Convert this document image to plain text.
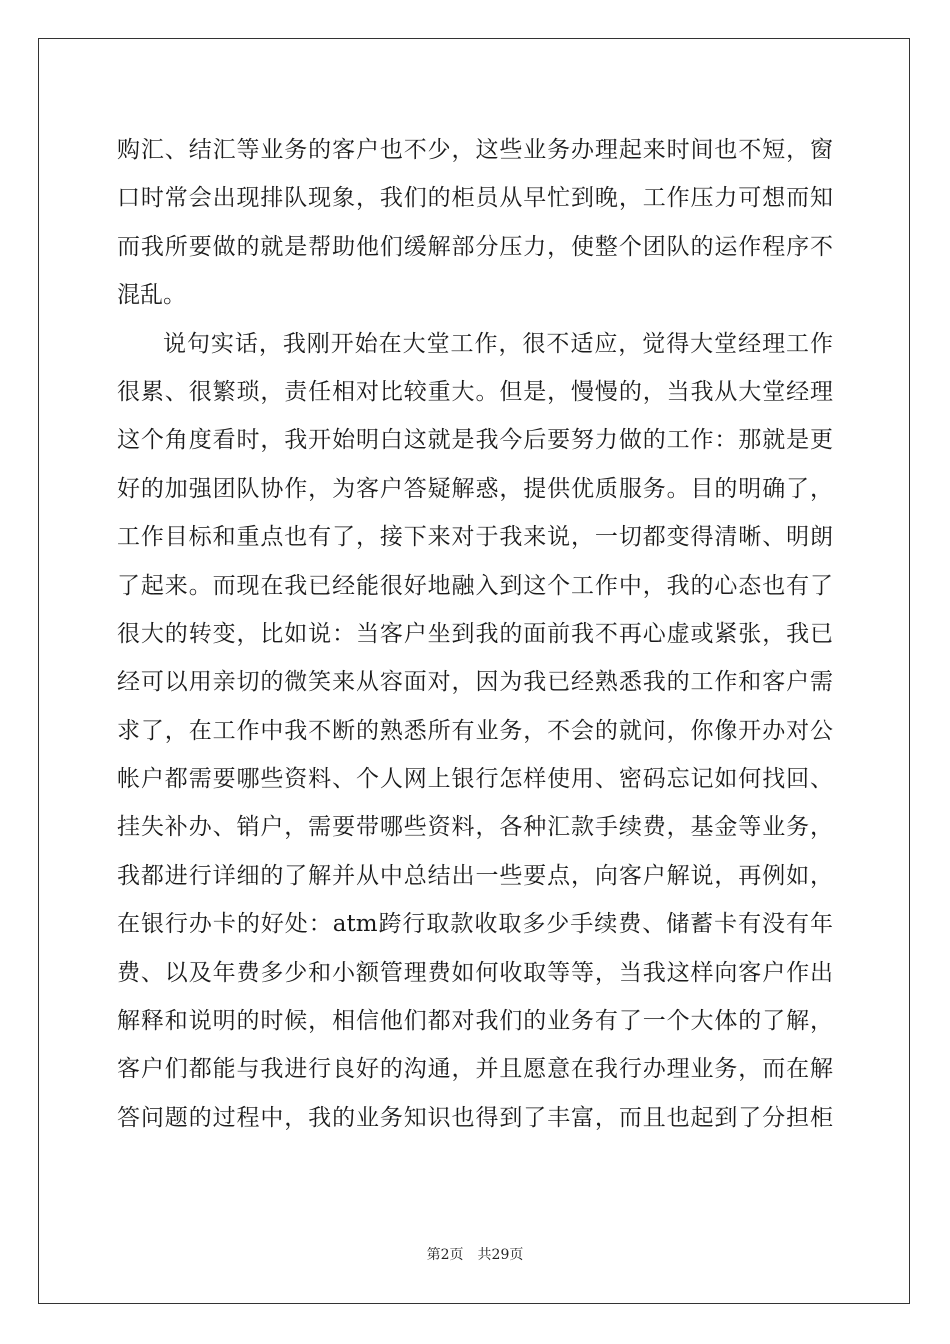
购汇、结汇等业务的客户也不少，这些业务办理起来时间也不短，窗
口时常会出现排队现象，我们的柜员从早忙到晚，工作压力可想而知
而我所要做的就是帮助他们缓解部分压力，使整个团队的运作程序不
混乱。
说句实话，我刚开始在大堂工作，很不适应，觉得大堂经理工作
很累、很繁琐，责任相对比较重大。但是，慢慢的，当我从大堂经理
这个角度看时，我开始明白这就是我今后要努力做的工作：那就是更
好的加强团队协作，为客户答疑解惑，提供优质服务。目的明确了，
工作目标和重点也有了，接下来对于我来说，一切都变得清晰、明朗
了起来。而现在我已经能很好地融入到这个工作中，我的心态也有了
很大的转变，比如说：当客户坐到我的面前我不再心虚或紧张，我已
经可以用亲切的微笑来从容面对，因为我已经熟悉我的工作和客户需
求了，在工作中我不断的熟悉所有业务，不会的就问，你像开办对公
帐户都需要哪些资料、个人网上银行怎样使用、密码忘记如何找回、
挂失补办、销户，需要带哪些资料，各种汇款手续费，基金等业务，
我都进行详细的了解并从中总结出一些要点，向客户解说，再例如，
在银行办卡的好处：atm跨行取款收取多少手续费、储蓄卡有没有年
费、以及年费多少和小额管理费如何收取等等，当我这样向客户作出
解释和说明的时候，相信他们都对我们的业务有了一个大体的了解，
客户们都能与我进行良好的沟通，并且愿意在我行办理业务，而在解
答问题的过程中，我的业务知识也得到了丰富，而且也起到了分担柜
第2页　共29页
